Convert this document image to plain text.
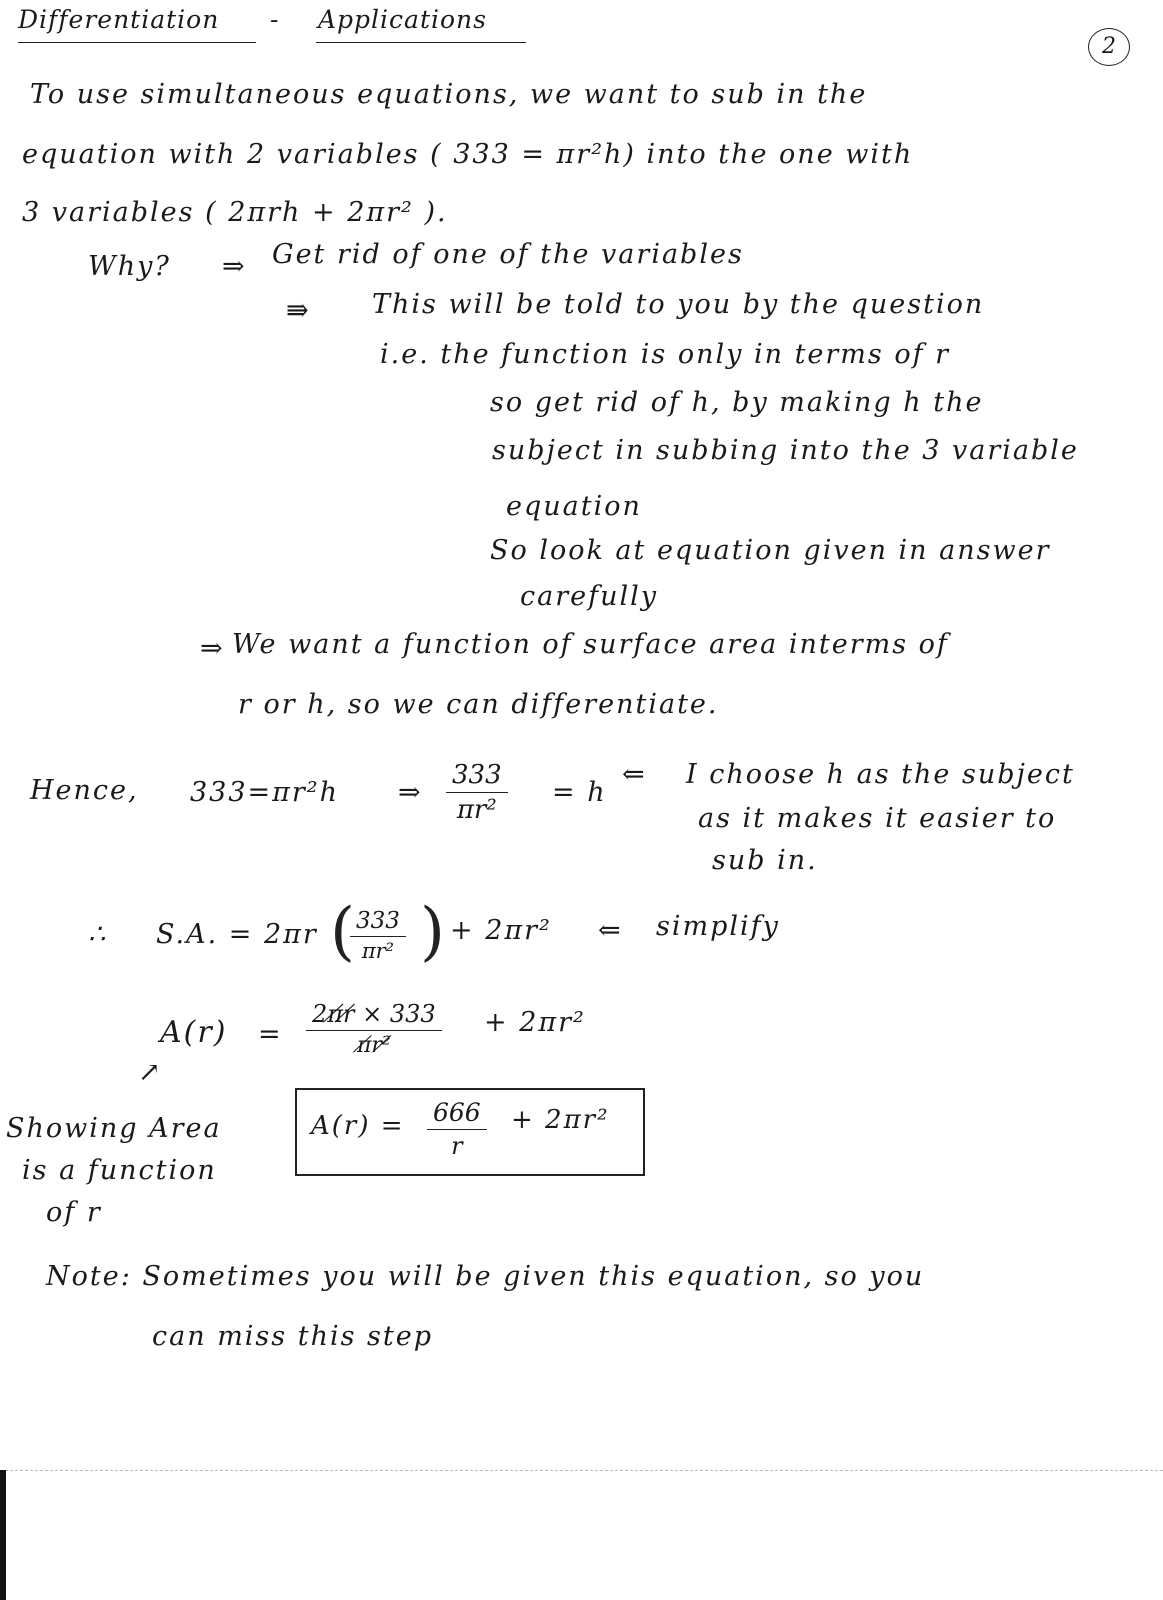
Differentiation - Applications
2
To use simultaneous equations, we want to sub in the
equation with 2 variables ( 333 = πr²h) into the one with
3 variables ( 2πrh + 2πr² ).
Why? ⇒ Get rid of one of the variables
⇛ This will be told to you by the question
i.e. the function is only in terms of r
so get rid of h, by making h the
subject in subbing into the 3 variable
equation
So look at equation given in answer
carefully
⇒ We want a function of surface area interms of
r or h, so we can differentiate.
Hence, 333=πr²h ⇒ $\frac{333}{\text{πr²}} = h$
⇐ I choose h as the subject
as it makes it easier to
sub in.
∴ S.A. = 2πr (
$\frac{333}{\text{πr²}}$ ) + 2πr² ⇐ simplify
$A(r) = \frac{2\pi̸r̸ \times 333}{\text{π̸r²̸}} + 2\pi r^2$
↗
Showing Area
is a function
of r
$A(r) = \frac{666}{r} + 2\pi r^2$
Note: Sometimes you will be given this equation, so you
can miss this step
